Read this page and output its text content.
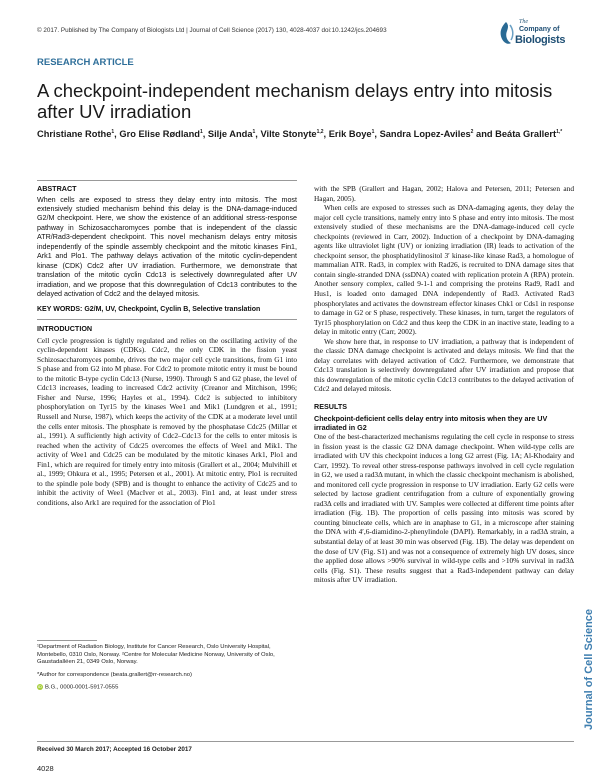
© 2017. Published by The Company of Biologists Ltd | Journal of Cell Science (2017) 130, 4028-4037 doi:10.1242/jcs.204693
The
Company of
Biologists
RESEARCH ARTICLE
A checkpoint-independent mechanism delays entry into mitosis after UV irradiation
Christiane Rothe$^1$, Gro Elise Rødland$^1$, Silje Anda$^1$, Vilte Stonyte$^{1,2}$, Erik Boye$^1$, Sandra Lopez-Aviles$^2$ and Beáta Grallert$^{1,*}$

ABSTRACT

When cells are exposed to stress they delay entry into mitosis. The most extensively studied mechanism behind this delay is the DNA-damage-induced G2/M checkpoint. Here, we show the existence of an additional stress-response pathway in Schizosaccharomyces pombe that is independent of the classic ATR/Rad3-dependent checkpoint. This novel mechanism delays entry mitosis independently of the spindle assembly checkpoint and the mitotic kinases Fin1, Ark1 and Plo1. The pathway delays activation of the mitotic cyclin-dependent kinase (CDK) Cdc2 after UV irradiation. Furthermore, we demonstrate that translation of the mitotic cyclin Cdc13 is selectively downregulated after UV irradiation, and we propose that this downregulation of Cdc13 contributes to the delayed activation of Cdc2 and the delayed mitosis.

KEY WORDS: G2/M, UV, Checkpoint, Cyclin B, Selective translation

INTRODUCTION

Cell cycle progression is tightly regulated and relies on the oscillating activity of the cyclin-dependent kinases (CDKs). Cdc2, the only CDK in the fission yeast Schizosaccharomyces pombe, drives the two major cell cycle transitions, from G1 into S phase and from G2 into M phase. For Cdc2 to promote mitotic entry it must be bound to the mitotic B-type cyclin Cdc13 (Nurse, 1990). Through S and G2 phase, the level of Cdc13 increases, leading to increased Cdc2 activity (Creanor and Mitchison, 1996; Fisher and Nurse, 1996; Hayles et al., 1994). Cdc2 is subjected to inhibitory phosphorylation on Tyr15 by the kinases Wee1 and Mik1 (Lundgren et al., 1991; Russell and Nurse, 1987), which keeps the activity of the CDK at a moderate level until the cells enter mitosis. The phosphate is removed by the phosphatase Cdc25 (Millar et al., 1991). A sufficiently high activity of Cdc2–Cdc13 for the cells to enter mitosis is reached when the activity of Cdc25 overcomes the effects of Wee1 and Mik1. The activity of Wee1 and Cdc25 can be modulated by the mitotic kinases Ark1, Plo1 and Fin1, which are required for timely entry into mitosis (Grallert et al., 2004; Mulvihill et al., 1999; Ohkura et al., 1995; Petersen et al., 2001). At mitotic entry, Plo1 is recruited to the spindle pole body (SPB) and is thought to enhance the activity of Cdc25 and to inhibit the activity of Wee1 (MacIver et al., 2003). Fin1 and, at least under stress conditions, also Ark1 are required for the association of Plo1

with the SPB (Grallert and Hagan, 2002; Halova and Petersen, 2011; Petersen and Hagan, 2005).

When cells are exposed to stresses such as DNA-damaging agents, they delay the major cell cycle transitions, namely entry into S phase and entry into mitosis. The most extensively studied of these mechanisms are the DNA-damage-induced cell cycle checkpoints (reviewed in Carr, 2002). Induction of a checkpoint by DNA-damaging agents like ultraviolet light (UV) or ionizing irradiation (IR) leads to activation of the checkpoint sensor, the phosphatidylinositol 3′ kinase-like kinase Rad3, a homologue of mammalian ATR. Rad3, in complex with Rad26, is recruited to DNA damage sites that contain single-stranded DNA (ssDNA) coated with replication protein A (RPA) protein. Another sensory complex, called 9-1-1 and comprising the proteins Rad9, Rad1 and Hus1, is loaded onto damaged DNA independently of Rad3. Activated Rad3 phosphorylates and activates the downstream effector kinases Chk1 or Cds1 in response to damage in G2 or S phase, respectively. These kinases, in turn, target the regulators of Tyr15 phosphorylation on Cdc2 and thus keep the CDK in an inactive state, leading to a delay in mitotic entry (Carr, 2002).

We show here that, in response to UV irradiation, a pathway that is independent of the classic DNA damage checkpoint is activated and delays mitosis. We find that the delay correlates with delayed activation of Cdc2. Furthermore, we demonstrate that Cdc13 translation is selectively downregulated after UV irradiation and propose that this downregulation of the mitotic cyclin Cdc13 contributes to the delayed activation of Cdc2 and delayed mitosis.

RESULTS

Checkpoint-deficient cells delay entry into mitosis when they are UV irradiated in G2

One of the best-characterized mechanisms regulating the cell cycle in response to stress in fission yeast is the classic G2 DNA damage checkpoint. When wild-type cells are irradiated with UV this checkpoint induces a long G2 arrest (Fig. 1A; Al-Khodairy and Carr, 1992). To reveal other stress-response pathways involved in cell cycle regulation in G2, we used a rad3Δ mutant, in which the classic checkpoint mechanism is abolished, and monitored cell cycle progression in response to UV irradiation. Early G2 cells were selected by lactose gradient centrifugation from a culture of exponentially growing rad3Δ cells and irradiated with UV. Samples were collected at different time points after irradiation (Fig. 1B). The proportion of cells passing into mitosis was scored by counting binucleate cells, which are in anaphase to G1, in a microscope after staining the DNA with 4′,6-diamidino-2-phenylindole (DAPI). Remarkably, in a rad3Δ strain, a substantial delay of at least 30 min was observed (Fig. 1B). The delay was dependent on the dose of UV (Fig. S1) and was not a consequence of extremely high UV doses, since the applied dose allows >90% survival in wild-type cells and >10% survival in rad3Δ cells (Fig. S1). These results suggest that a Rad3-independent pathway can delay mitosis after UV irradiation.

¹Department of Radiation Biology, Institute for Cancer Research, Oslo University Hospital, Montebello, 0310 Oslo, Norway. ²Centre for Molecular Medicine Norway, University of Oslo, Gaustadalléen 21, 0349 Oslo, Norway.

*Author for correspondence (beata.grallert@rr-research.no)

iD B.G., 0000-0001-5917-0555

Received 30 March 2017; Accepted 16 October 2017
4028
Journal of Cell Science
